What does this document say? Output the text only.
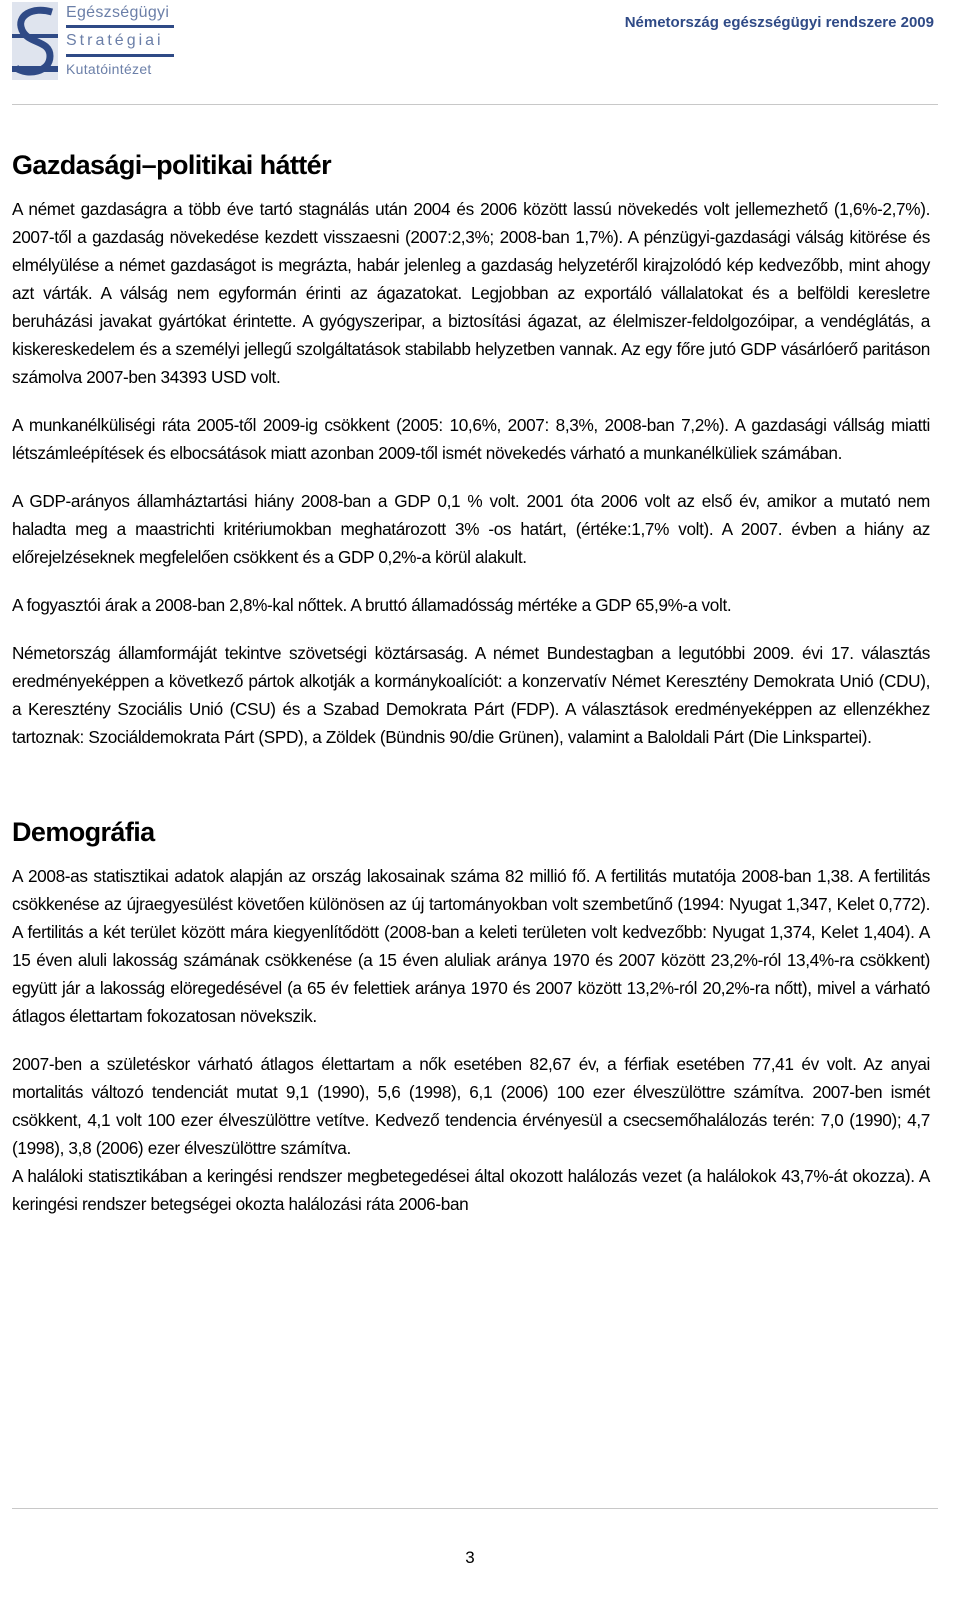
Egészségügyi
Stratégiai
Kutatóintézet
Németország egészségügyi rendszere 2009
Gazdasági–politikai háttér

A német gazdaságra a több éve tartó stagnálás után 2004 és 2006 között lassú növekedés volt jellemezhető (1,6%-2,7%). 2007-től a gazdaság növekedése kezdett visszaesni (2007:2,3%; 2008-ban 1,7%). A pénzügyi-gazdasági válság kitörése és elmélyülése a német gazdaságot is megrázta, habár jelenleg a gazdaság helyzetéről kirajzolódó kép kedvezőbb, mint ahogy azt várták. A válság nem egyformán érinti az ágazatokat. Legjobban az exportáló vállalatokat és a belföldi keresletre beruházási javakat gyártókat érintette. A gyógyszeripar, a biztosítási ágazat, az élelmiszer-feldolgozóipar, a vendéglátás, a kiskereskedelem és a személyi jellegű szolgáltatások stabilabb helyzetben vannak. Az egy főre jutó GDP vásárlóerő paritáson számolva 2007-ben 34393 USD volt.

A munkanélküliségi ráta 2005-től 2009-ig csökkent (2005: 10,6%, 2007: 8,3%, 2008-ban 7,2%). A gazdasági vállság miatti létszámleépítések és elbocsátások miatt azonban 2009-től ismét növekedés várható a munkanélküliek számában.

A GDP-arányos államháztartási hiány 2008-ban a GDP 0,1 % volt. 2001 óta 2006 volt az első év, amikor a mutató nem haladta meg a maastrichti kritériumokban meghatározott 3% -os határt, (értéke:1,7% volt). A 2007. évben a hiány az előrejelzéseknek megfelelően csökkent és a GDP 0,2%-a körül alakult.

A fogyasztói árak a 2008-ban 2,8%-kal nőttek. A bruttó államadósság mértéke a GDP 65,9%-a volt.

Németország államformáját tekintve szövetségi köztársaság. A német Bundestagban a legutóbbi 2009. évi 17. választás eredményeképpen a következő pártok alkotják a kormánykoalíciót: a konzervatív Német Keresztény Demokrata Unió (CDU), a Keresztény Szociális Unió (CSU) és a Szabad Demokrata Párt (FDP). A választások eredményeképpen az ellenzékhez tartoznak: Szociáldemokrata Párt (SPD), a Zöldek (Bündnis 90/die Grünen), valamint a Baloldali Párt (Die Linkspartei).

Demográfia

A 2008-as statisztikai adatok alapján az ország lakosainak száma 82 millió fő. A fertilitás mutatója 2008-ban 1,38. A fertilitás csökkenése az újraegyesülést követően különösen az új tartományokban volt szembetűnő (1994: Nyugat 1,347, Kelet 0,772). A fertilitás a két terület között mára kiegyenlítődött (2008-ban a keleti területen volt kedvezőbb: Nyugat 1,374, Kelet 1,404). A 15 éven aluli lakosság számának csökkenése (a 15 éven aluliak aránya 1970 és 2007 között 23,2%-ról 13,4%-ra csökkent) együtt jár a lakosság elöregedésével (a 65 év felettiek aránya 1970 és 2007 között 13,2%-ról 20,2%-ra nőtt), mivel a várható átlagos élettartam fokozatosan növekszik.

2007-ben a születéskor várható átlagos élettartam a nők esetében 82,67 év, a férfiak esetében 77,41 év volt. Az anyai mortalitás változó tendenciát mutat 9,1 (1990), 5,6 (1998), 6,1 (2006) 100 ezer élveszülöttre számítva. 2007-ben ismét csökkent, 4,1 volt 100 ezer élveszülöttre vetítve. Kedvező tendencia érvényesül a csecsemőhalálozás terén: 7,0 (1990); 4,7 (1998), 3,8 (2006) ezer élveszülöttre számítva.

A haláloki statisztikában a keringési rendszer megbetegedései által okozott halálozás vezet (a halálokok 43,7%-át okozza). A keringési rendszer betegségei okozta halálozási ráta 2006-ban

3
